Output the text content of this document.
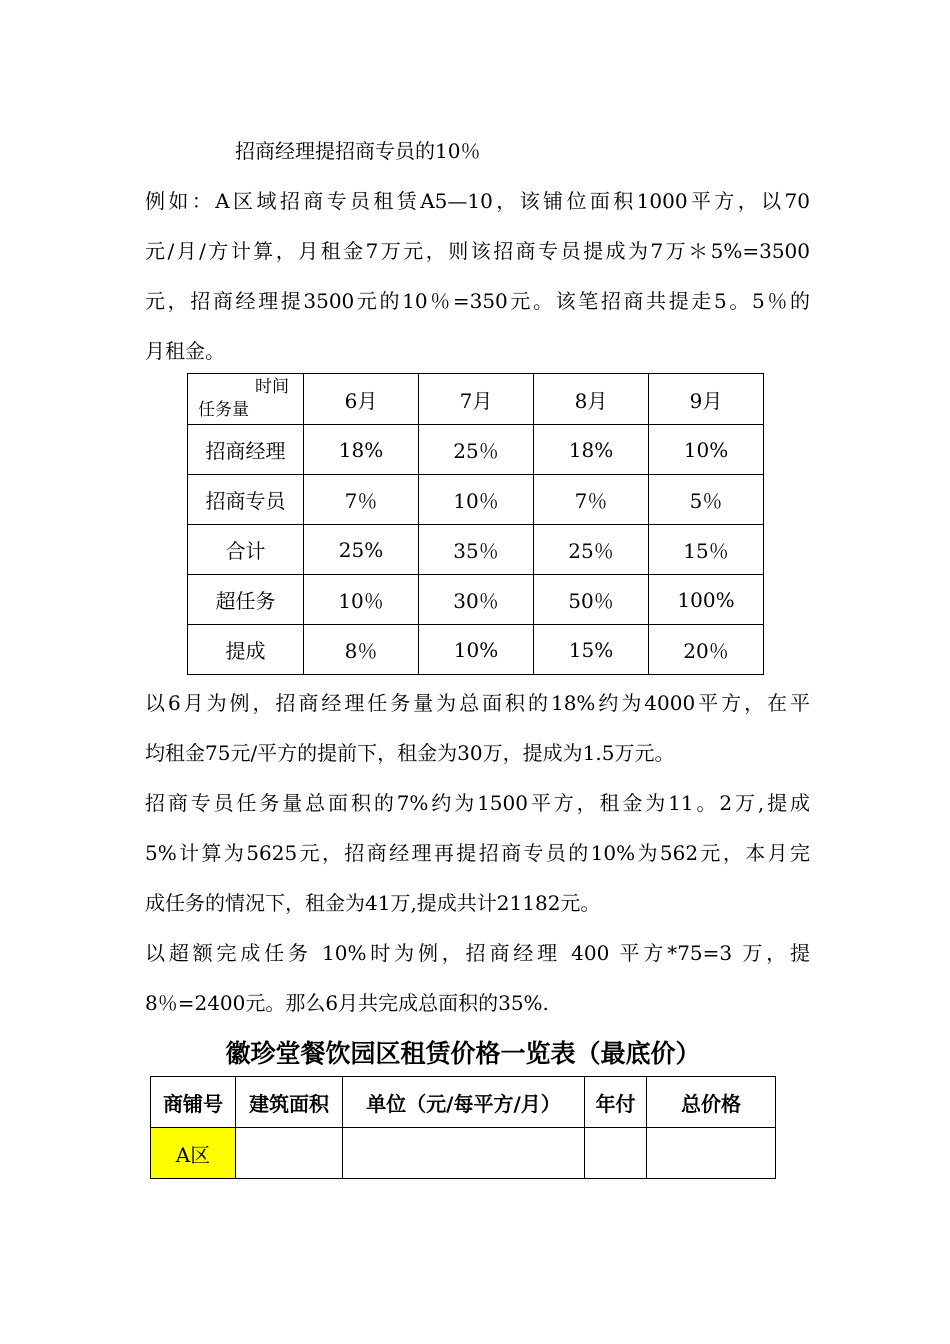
招商经理提招商专员的10％

例如：A区域招商专员租赁A5—10，该铺位面积1000平方，以70
元/月/方计算，月租金7万元，则该招商专员提成为7万＊5%=3500
元，招商经理提3500元的10％=350元。该笔招商共提走5。5％的
月租金。

时间
任务量	6月	7月	8月	9月
招商经理	18%	25％	18%	10%
招商专员	7％	10％	7％	5％
合计	25%	35％	25％	15％
超任务	10％	30％	50％	100%
提成	8％	10%	15%	20％

以6月为例，招商经理任务量为总面积的18%约为4000平方，在平
均租金75元/平方的提前下，租金为30万，提成为1.5万元。

招商专员任务量总面积的7%约为1500平方，租金为11。2万,提成
5%计算为5625元，招商经理再提招商专员的10%为562元，本月完
成任务的情况下，租金为41万,提成共计21182元。

以超额完成任务 10%时为例，招商经理 400 平方*75=3 万，提
8％=2400元。那么6月共完成总面积的35%.

徽珍堂餐饮园区租赁价格一览表（最底价）

商铺号	建筑面积	单位（元/每平方/月）	年付	总价格
A区				
